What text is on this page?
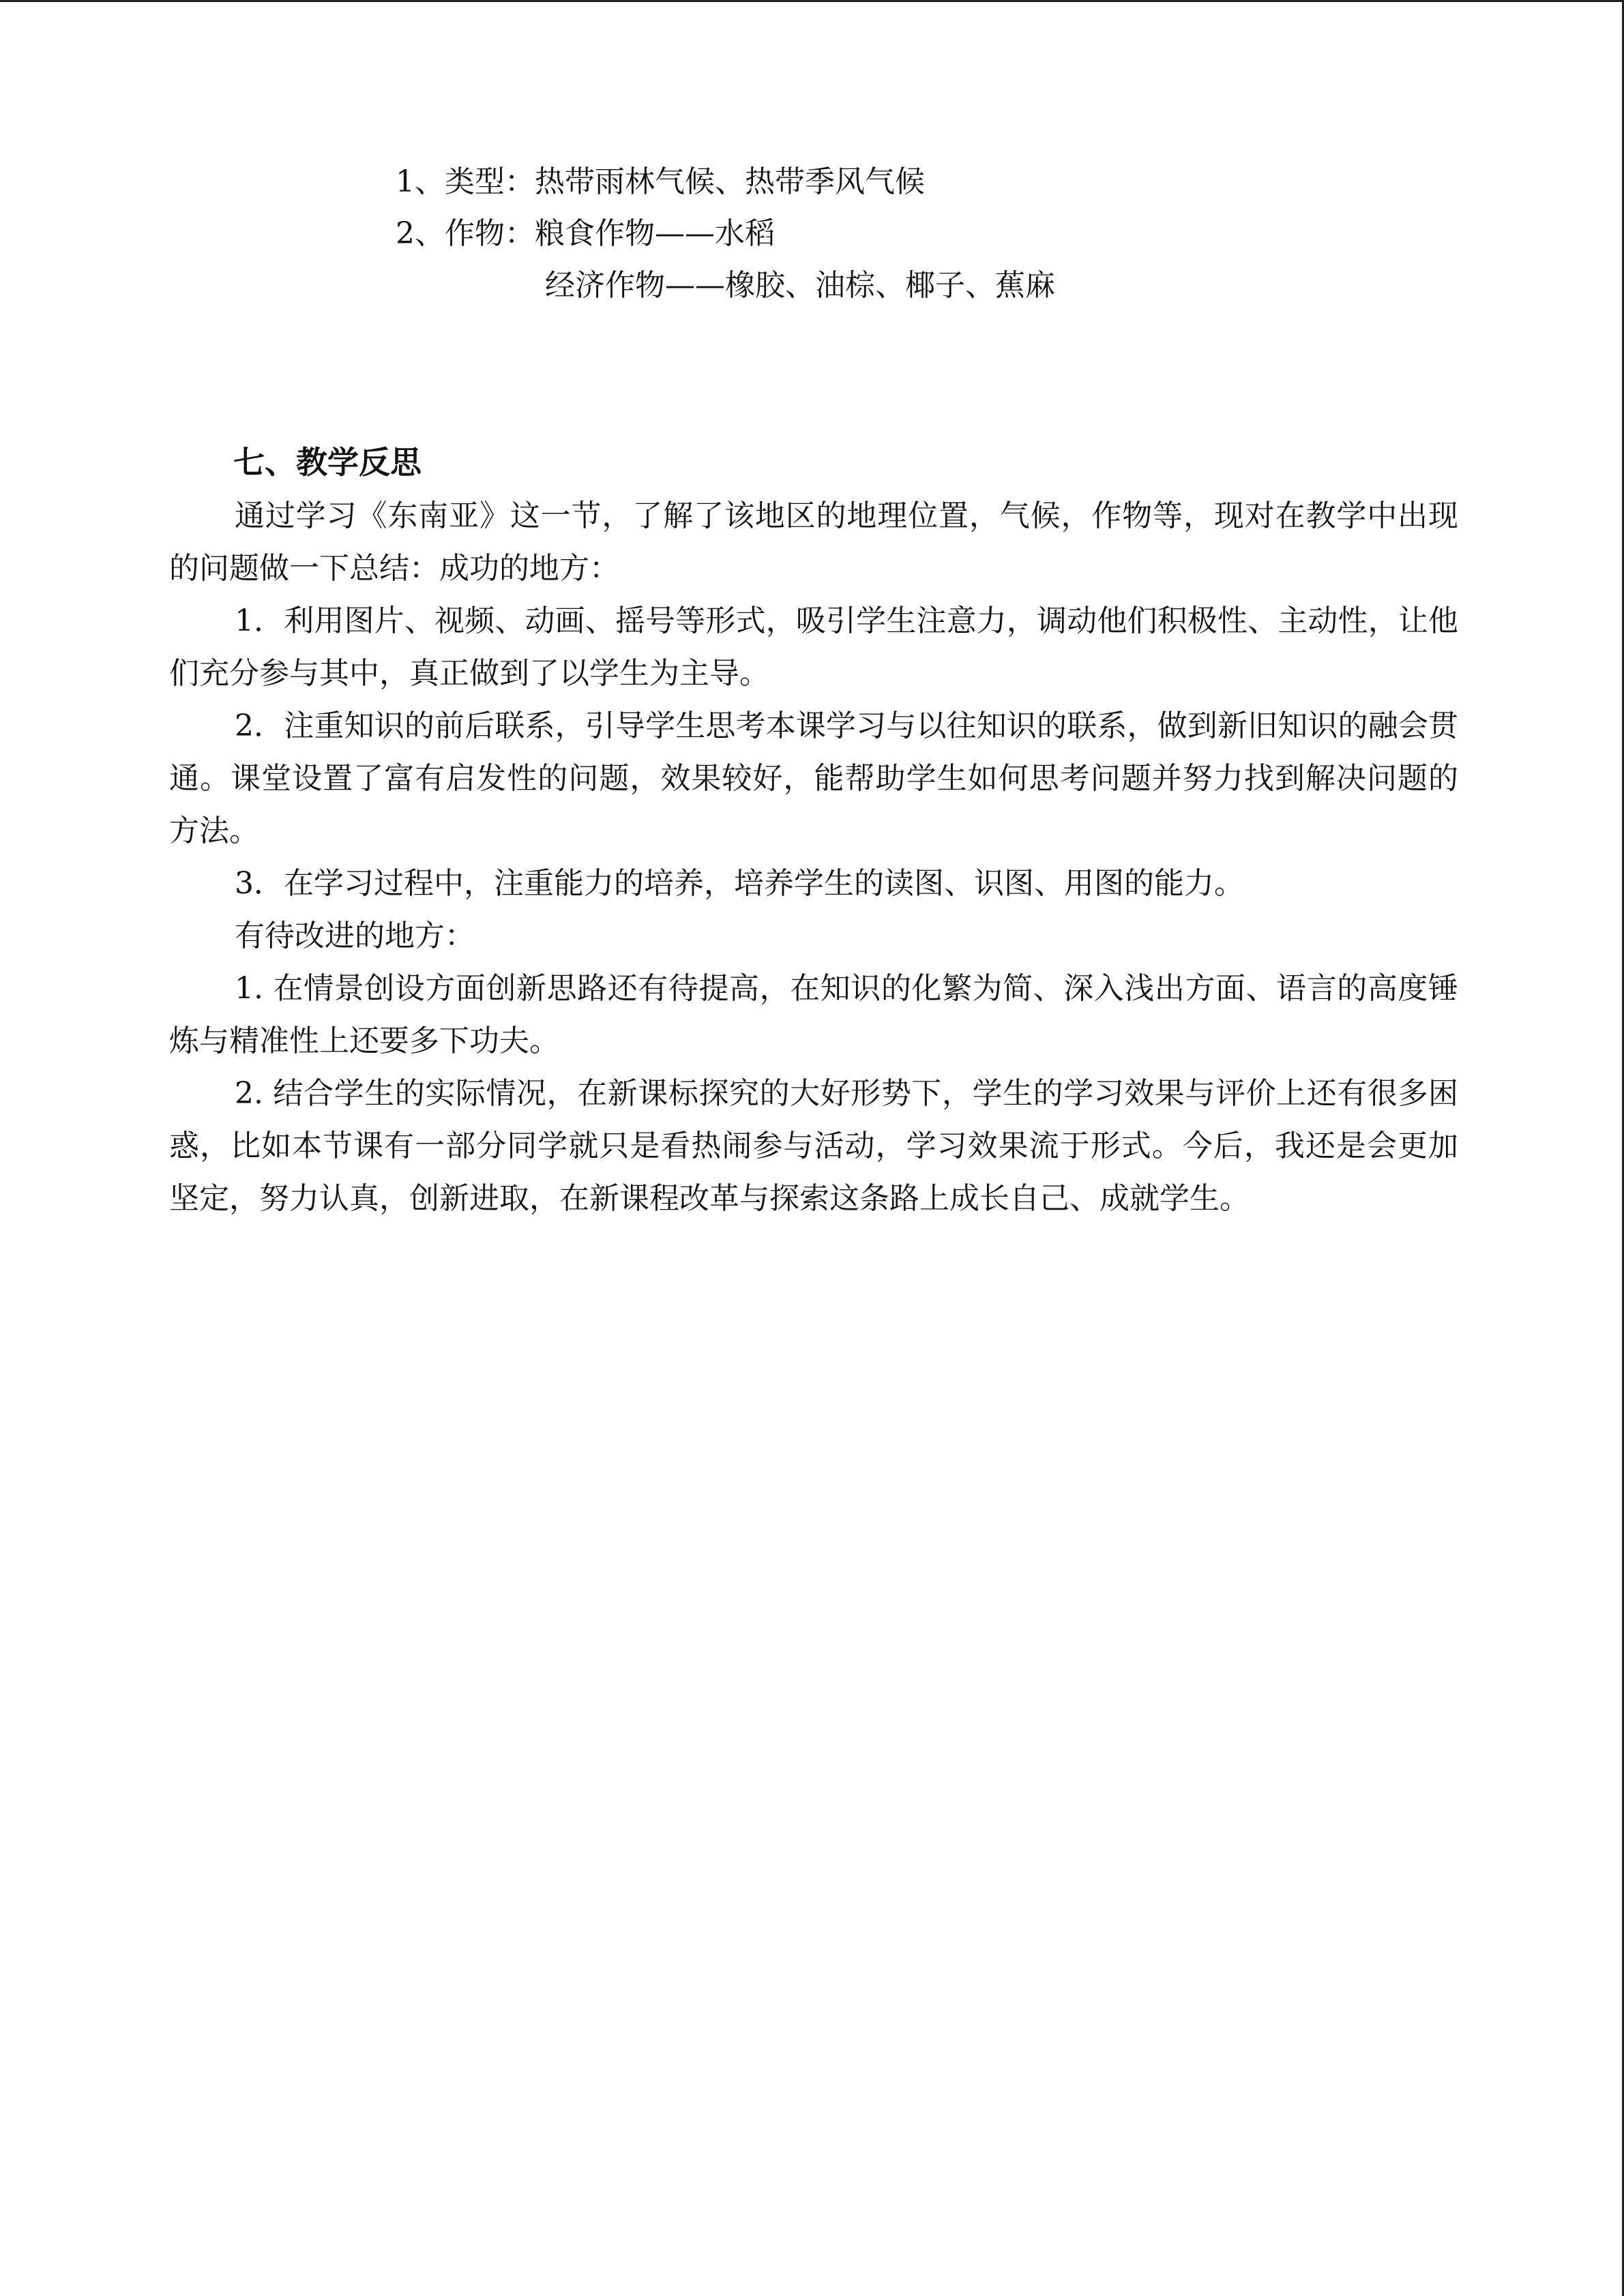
1、类型：热带雨林气候、热带季风气候
2、作物：粮食作物——水稻
经济作物——橡胶、油棕、椰子、蕉麻
七、教学反思

通过学习《东南亚》这一节，了解了该地区的地理位置，气候，作物等，现对在教学中出现的问题做一下总结：成功的地方：

1．利用图片、视频、动画、摇号等形式，吸引学生注意力，调动他们积极性、主动性，让他们充分参与其中，真正做到了以学生为主导。

2．注重知识的前后联系，引导学生思考本课学习与以往知识的联系，做到新旧知识的融会贯通。课堂设置了富有启发性的问题，效果较好，能帮助学生如何思考问题并努力找到解决问题的方法。

3．在学习过程中，注重能力的培养，培养学生的读图、识图、用图的能力。

有待改进的地方：

1. 在情景创设方面创新思路还有待提高，在知识的化繁为简、深入浅出方面、语言的高度锤炼与精准性上还要多下功夫。

2. 结合学生的实际情况，在新课标探究的大好形势下，学生的学习效果与评价上还有很多困惑，比如本节课有一部分同学就只是看热闹参与活动，学习效果流于形式。今后，我还是会更加坚定，努力认真，创新进取，在新课程改革与探索这条路上成长自己、成就学生。
